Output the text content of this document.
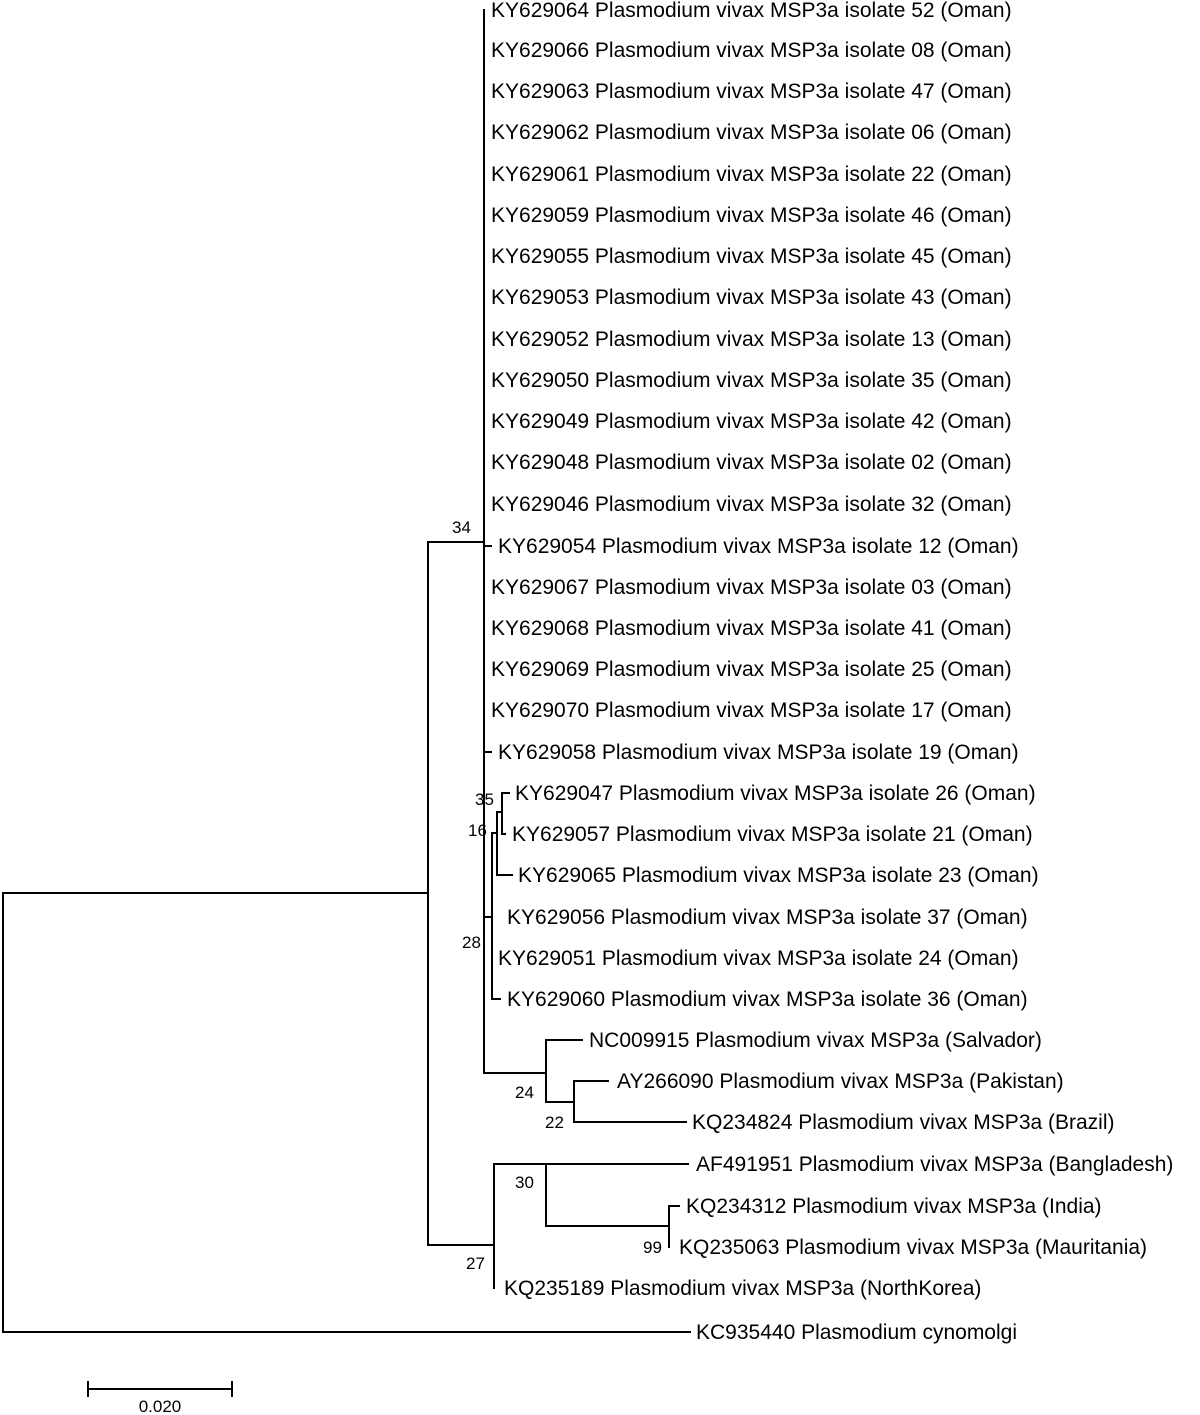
KY629064 Plasmodium vivax MSP3a isolate 52 (Oman)
KY629066 Plasmodium vivax MSP3a isolate 08 (Oman)
KY629063 Plasmodium vivax MSP3a isolate 47 (Oman)
KY629062 Plasmodium vivax MSP3a isolate 06 (Oman)
KY629061 Plasmodium vivax MSP3a isolate 22 (Oman)
KY629059 Plasmodium vivax MSP3a isolate 46 (Oman)
KY629055 Plasmodium vivax MSP3a isolate 45 (Oman)
KY629053 Plasmodium vivax MSP3a isolate 43 (Oman)
KY629052 Plasmodium vivax MSP3a isolate 13 (Oman)
KY629050 Plasmodium vivax MSP3a isolate 35 (Oman)
KY629049 Plasmodium vivax MSP3a isolate 42 (Oman)
KY629048 Plasmodium vivax MSP3a isolate 02 (Oman)
KY629046 Plasmodium vivax MSP3a isolate 32 (Oman)
KY629054 Plasmodium vivax MSP3a isolate 12 (Oman)
KY629067 Plasmodium vivax MSP3a isolate 03 (Oman)
KY629068 Plasmodium vivax MSP3a isolate 41 (Oman)
KY629069 Plasmodium vivax MSP3a isolate 25 (Oman)
KY629070 Plasmodium vivax MSP3a isolate 17 (Oman)
KY629058 Plasmodium vivax MSP3a isolate 19 (Oman)
KY629047 Plasmodium vivax MSP3a isolate 26 (Oman)
KY629057 Plasmodium vivax MSP3a isolate 21 (Oman)
KY629065 Plasmodium vivax MSP3a isolate 23 (Oman)
KY629056 Plasmodium vivax MSP3a isolate 37 (Oman)
KY629051 Plasmodium vivax MSP3a isolate 24 (Oman)
KY629060 Plasmodium vivax MSP3a isolate 36 (Oman)
NC009915 Plasmodium vivax MSP3a (Salvador)
AY266090 Plasmodium vivax MSP3a (Pakistan)
KQ234824 Plasmodium vivax MSP3a (Brazil)
AF491951 Plasmodium vivax MSP3a (Bangladesh)
KQ234312 Plasmodium vivax MSP3a (India)
KQ235063 Plasmodium vivax MSP3a (Mauritania)
KQ235189 Plasmodium vivax MSP3a (NorthKorea)
KC935440 Plasmodium cynomolgi
34
35
16
28
24
22
30
99
27
0.020
